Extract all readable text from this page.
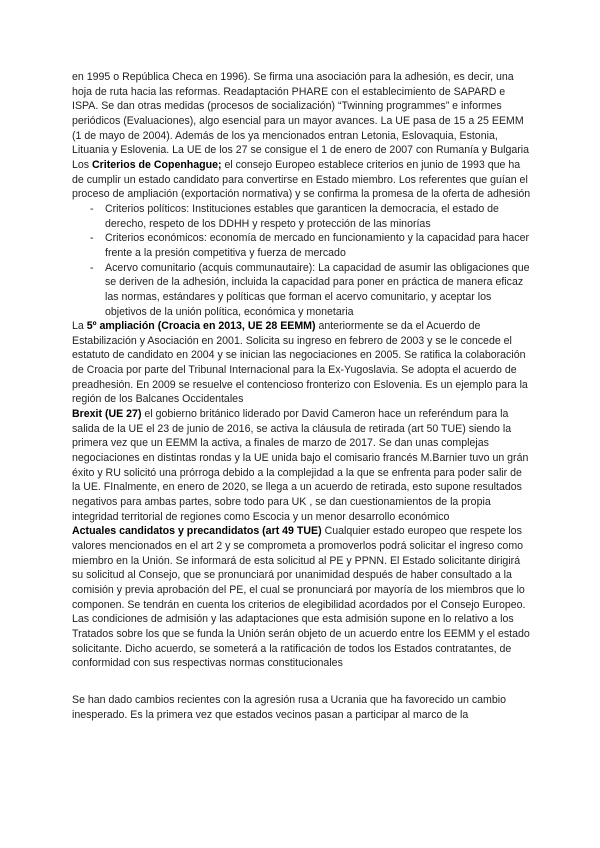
en 1995 o República Checa en 1996). Se firma una asociación para la adhesión, es decir, una hoja de ruta hacia las reformas. Readaptación PHARE con el establecimiento de SAPARD e ISPA. Se dan otras medidas (procesos de socialización) “Twinning programmes” e informes periódicos (Evaluaciones), algo esencial para un mayor avances. La UE pasa de 15 a 25 EEMM (1 de mayo de 2004). Además de los ya mencionados entran Letonia, Eslovaquia, Estonia, Lituania y Eslovenia. La UE de los 27 se consigue el 1 de enero de 2007 con Rumanía y Bulgaria

Los Criterios de Copenhague; el consejo Europeo establece criterios en junio de 1993 que ha de cumplir un estado candidato para convertirse en Estado miembro. Los referentes que guían el proceso de ampliación (exportación normativa) y se confirma la promesa de la oferta de adhesión

- Criterios políticos: Instituciones estables que garanticen la democracia, el estado de derecho, respeto de los DDHH y respeto y protección de las minorías
- Criterios económicos: economía de mercado en funcionamiento y la capacidad para hacer frente a la presión competitiva y fuerza de mercado
- Acervo comunitario (acquis communautaire): La capacidad de asumir las obligaciones que se deriven de la adhesión, incluida la capacidad para poner en práctica de manera eficaz las normas, estándares y políticas que forman el acervo comunitario, y aceptar los objetivos de la unión política, económica y monetaria

La 5º ampliación (Croacia en 2013, UE 28 EEMM) anteriormente se da el Acuerdo de Estabilización y Asociación en 2001. Solicita su ingreso en febrero de 2003 y se le concede el estatuto de candidato en 2004 y se inician las negociaciones en 2005. Se ratifica la colaboración de Croacia por parte del Tribunal Internacional para la Ex-Yugoslavia. Se adopta el acuerdo de preadhesión. En 2009 se resuelve el contencioso fronterizo con Eslovenia. Es un ejemplo para la región de los Balcanes Occidentales

Brexit (UE 27) el gobierno británico liderado por David Cameron hace un referéndum para la salida de la UE el 23 de junio de 2016, se activa la cláusula de retirada (art 50 TUE) siendo la primera vez que un EEMM la activa, a finales de marzo de 2017. Se dan unas complejas negociaciones en distintas rondas y la UE unida bajo el comisario francés M.Barnier tuvo un grán éxito y RU solicitó una prórroga debido a la complejidad a la que se enfrenta para poder salir de la UE. FInalmente, en enero de 2020, se llega a un acuerdo de retirada, esto supone resultados negativos para ambas partes, sobre todo para UK , se dan cuestionamientos de la propia integridad territorial de regiones como Escocia y un menor desarrollo económico

Actuales candidatos y precandidatos (art 49 TUE) Cualquier estado europeo que respete los valores mencionados en el art 2 y se comprometa a promoverlos podrá solicitar el ingreso como miembro en la Unión. Se informará de esta solicitud al PE y PPNN. El Estado solicitante dirigirá su solicitud al Consejo, que se pronunciará por unanimidad después de haber consultado a la comisión y previa aprobación del PE, el cual se pronunciará por mayoría de los miembros que lo componen. Se tendrán en cuenta los criterios de elegibilidad acordados por el Consejo Europeo. Las condiciones de admisión y las adaptaciones que esta admisión supone en lo relativo a los Tratados sobre los que se funda la Unión serán objeto de un acuerdo entre los EEMM y el estado solicitante. Dicho acuerdo, se someterá a la ratificación de todos los Estados contratantes, de conformidad con sus respectivas normas constitucionales

Se han dado cambios recientes con la agresión rusa a Ucrania que ha favorecido un cambio inesperado. Es la primera vez que estados vecinos pasan a participar al marco de la
